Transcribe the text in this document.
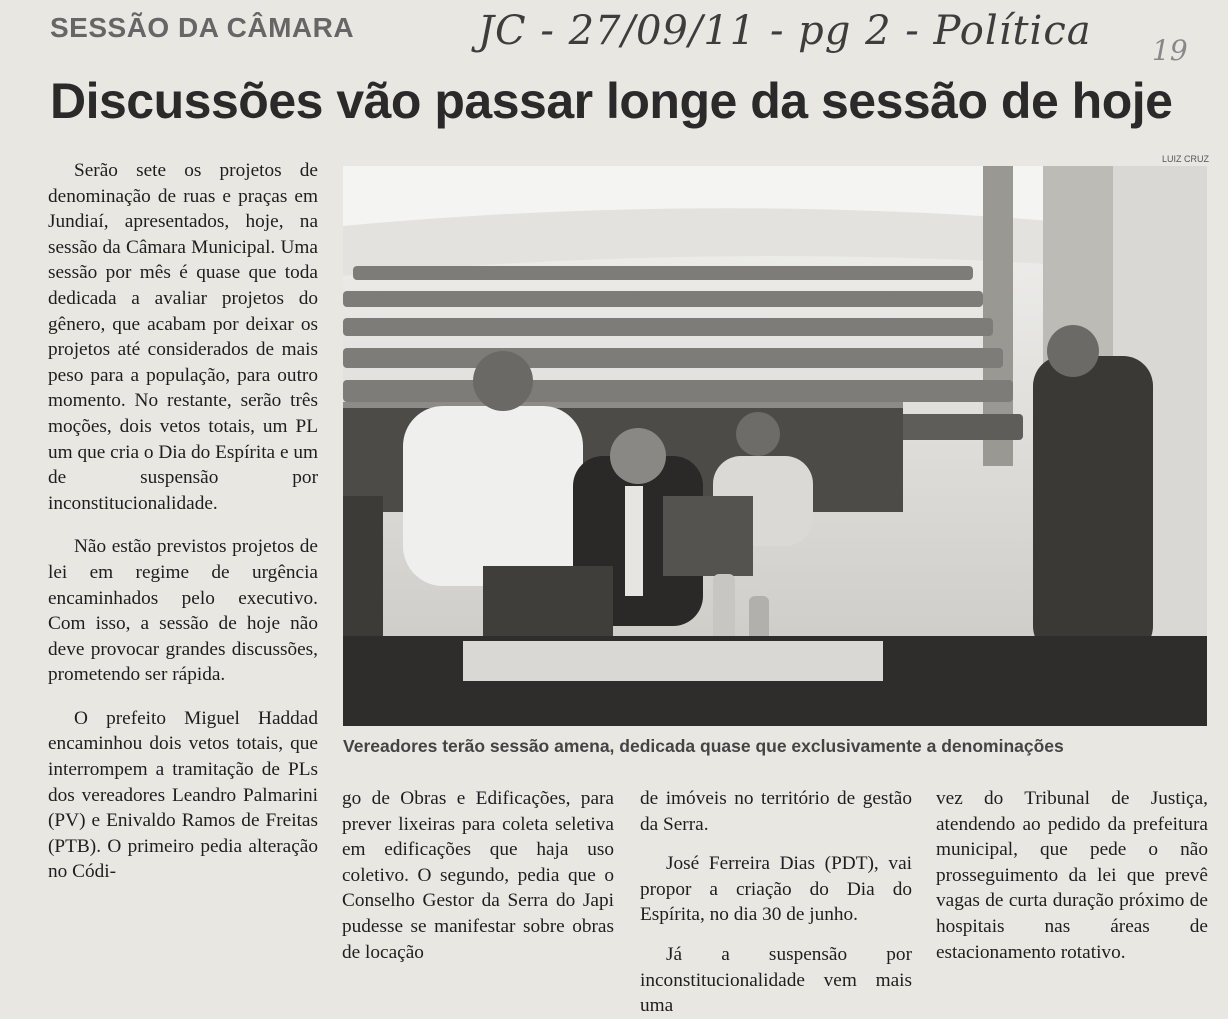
SESSÃO DA CÂMARA	JC - 27/09/11 - pg 2 - Política 19
Discussões vão passar longe da sessão de hoje

Serão sete os projetos de denominação de ruas e praças em Jundiaí, apresentados, hoje, na sessão da Câmara Municipal. Uma sessão por mês é quase que toda dedicada a avaliar projetos do gênero, que acabam por deixar os projetos até considerados de mais peso para a população, para outro momento. No restante, serão três moções, dois vetos totais, um PL um que cria o Dia do Espírita e um de suspensão por inconstitucionalidade.

Não estão previstos projetos de lei em regime de urgência encaminhados pelo executivo. Com isso, a sessão de hoje não deve provocar grandes discussões, prometendo ser rápida.

O prefeito Miguel Haddad encaminhou dois vetos totais, que interrompem a tramitação de PLs dos vereadores Leandro Palmarini (PV) e Enivaldo Ramos de Freitas (PTB). O primeiro pedia alteração no Códi-

LUIZ CRUZ
Vereadores terão sessão amena, dedicada quase que exclusivamente a denominações

go de Obras e Edificações, para prever lixeiras para coleta seletiva em edificações que haja uso coletivo. O segundo, pedia que o Conselho Gestor da Serra do Japi pudesse se manifestar sobre obras de locação

de imóveis no território de gestão da Serra.

José Ferreira Dias (PDT), vai propor a criação do Dia do Espírita, no dia 30 de junho.

Já a suspensão por inconstitucionalidade vem mais uma

vez do Tribunal de Justiça, atendendo ao pedido da prefeitura municipal, que pede o não prosseguimento da lei que prevê vagas de curta duração próximo de hospitais nas áreas de estacionamento rotativo.
